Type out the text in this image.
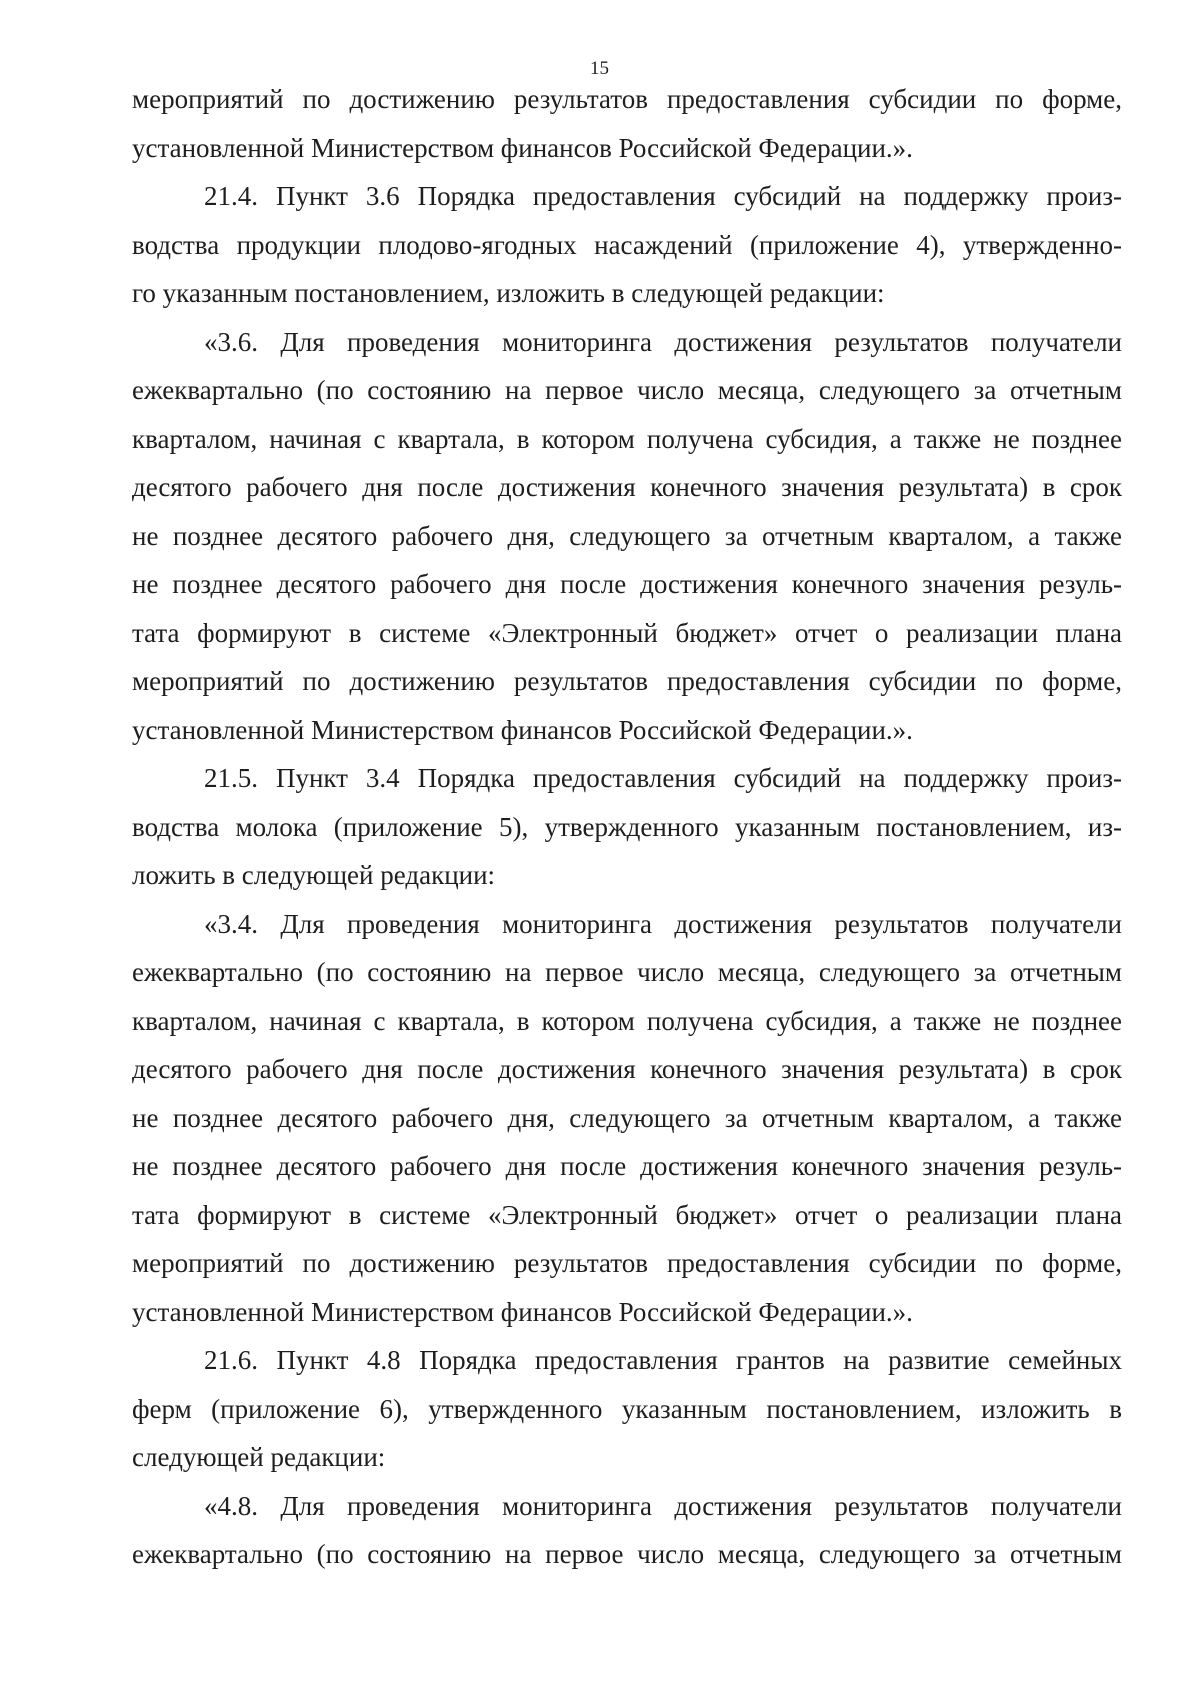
15
мероприятий по достижению результатов предоставления субсидии по форме,
установленной Министерством финансов Российской Федерации.».
21.4. Пункт 3.6 Порядка предоставления субсидий на поддержку произ-
водства продукции плодово-ягодных насаждений (приложение 4), утвержденно-
го указанным постановлением, изложить в следующей редакции:
«3.6. Для проведения мониторинга достижения результатов получатели
ежеквартально (по состоянию на первое число месяца, следующего за отчетным
кварталом, начиная с квартала, в котором получена субсидия, а также не позднее
десятого рабочего дня после достижения конечного значения результата) в срок
не позднее десятого рабочего дня, следующего за отчетным кварталом, а также
не позднее десятого рабочего дня после достижения конечного значения резуль-
тата формируют в системе «Электронный бюджет» отчет о реализации плана
мероприятий по достижению результатов предоставления субсидии по форме,
установленной Министерством финансов Российской Федерации.».
21.5. Пункт 3.4 Порядка предоставления субсидий на поддержку произ-
водства молока (приложение 5), утвержденного указанным постановлением, из-
ложить в следующей редакции:
«3.4. Для проведения мониторинга достижения результатов получатели
ежеквартально (по состоянию на первое число месяца, следующего за отчетным
кварталом, начиная с квартала, в котором получена субсидия, а также не позднее
десятого рабочего дня после достижения конечного значения результата) в срок
не позднее десятого рабочего дня, следующего за отчетным кварталом, а также
не позднее десятого рабочего дня после достижения конечного значения резуль-
тата формируют в системе «Электронный бюджет» отчет о реализации плана
мероприятий по достижению результатов предоставления субсидии по форме,
установленной Министерством финансов Российской Федерации.».
21.6. Пункт 4.8 Порядка предоставления грантов на развитие семейных
ферм (приложение 6), утвержденного указанным постановлением, изложить в
следующей редакции:
«4.8. Для проведения мониторинга достижения результатов получатели
ежеквартально (по состоянию на первое число месяца, следующего за отчетным
